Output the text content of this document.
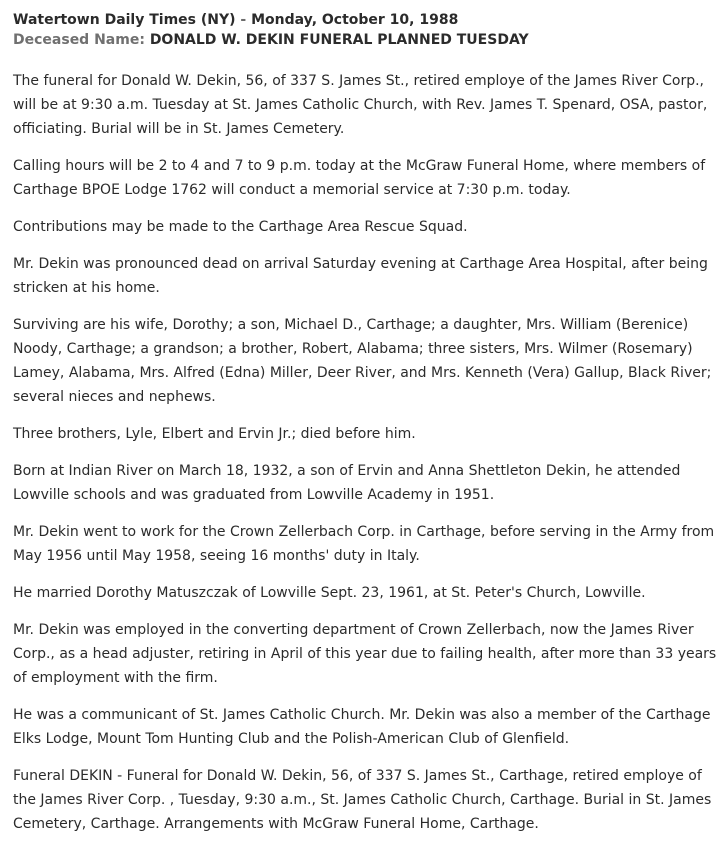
Watertown Daily Times (NY) - Monday, October 10, 1988
Deceased Name: DONALD W. DEKIN FUNERAL PLANNED TUESDAY

The funeral for Donald W. Dekin, 56, of 337 S. James St., retired employe of the James River Corp., will be at 9:30 a.m. Tuesday at St. James Catholic Church, with Rev. James T. Spenard, OSA, pastor, officiating. Burial will be in St. James Cemetery.

Calling hours will be 2 to 4 and 7 to 9 p.m. today at the McGraw Funeral Home, where members of Carthage BPOE Lodge 1762 will conduct a memorial service at 7:30 p.m. today.

Contributions may be made to the Carthage Area Rescue Squad.

Mr. Dekin was pronounced dead on arrival Saturday evening at Carthage Area Hospital, after being stricken at his home.

Surviving are his wife, Dorothy; a son, Michael D., Carthage; a daughter, Mrs. William (Berenice) Noody, Carthage; a grandson; a brother, Robert, Alabama; three sisters, Mrs. Wilmer (Rosemary) Lamey, Alabama, Mrs. Alfred (Edna) Miller, Deer River, and Mrs. Kenneth (Vera) Gallup, Black River; several nieces and nephews.

Three brothers, Lyle, Elbert and Ervin Jr.; died before him.

Born at Indian River on March 18, 1932, a son of Ervin and Anna Shettleton Dekin, he attended Lowville schools and was graduated from Lowville Academy in 1951.

Mr. Dekin went to work for the Crown Zellerbach Corp. in Carthage, before serving in the Army from May 1956 until May 1958, seeing 16 months' duty in Italy.

He married Dorothy Matuszczak of Lowville Sept. 23, 1961, at St. Peter's Church, Lowville.

Mr. Dekin was employed in the converting department of Crown Zellerbach, now the James River Corp., as a head adjuster, retiring in April of this year due to failing health, after more than 33 years of employment with the firm.

He was a communicant of St. James Catholic Church. Mr. Dekin was also a member of the Carthage Elks Lodge, Mount Tom Hunting Club and the Polish-American Club of Glenfield.

Funeral DEKIN - Funeral for Donald W. Dekin, 56, of 337 S. James St., Carthage, retired employe of the James River Corp. , Tuesday, 9:30 a.m., St. James Catholic Church, Carthage. Burial in St. James Cemetery, Carthage. Arrangements with McGraw Funeral Home, Carthage.
